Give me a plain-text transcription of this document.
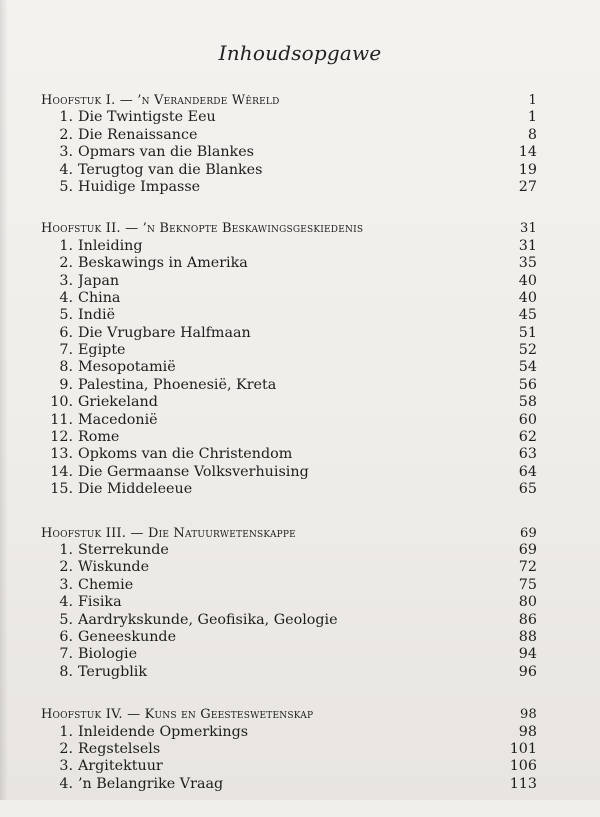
Inhoudsopgawe
Hoofstuk I. — ’n Veranderde Wêreld	1
1. Die Twintigste Eeu	1
2. Die Renaissance	8
3. Opmars van die Blankes	14
4. Terugtog van die Blankes	19
5. Huidige Impasse	27
Hoofstuk II. — ’n Beknopte Beskawingsgeskiedenis	31
1. Inleiding	31
2. Beskawings in Amerika	35
3. Japan	40
4. China	40
5. Indië	45
6. Die Vrugbare Halfmaan	51
7. Egipte	52
8. Mesopotamië	54
9. Palestina, Phoenesië, Kreta	56
10. Griekeland	58
11. Macedonië	60
12. Rome	62
13. Opkoms van die Christendom	63
14. Die Germaanse Volksverhuising	64
15. Die Middeleeue	65
Hoofstuk III. — Die Natuurwetenskappe	69
1. Sterrekunde	69
2. Wiskunde	72
3. Chemie	75
4. Fisika	80
5. Aardrykskunde, Geofisika, Geologie	86
6. Geneeskunde	88
7. Biologie	94
8. Terugblik	96
Hoofstuk IV. — Kuns en Geesteswetenskap	98
1. Inleidende Opmerkings	98
2. Regstelsels	101
3. Argitektuur	106
4. ’n Belangrike Vraag	113
